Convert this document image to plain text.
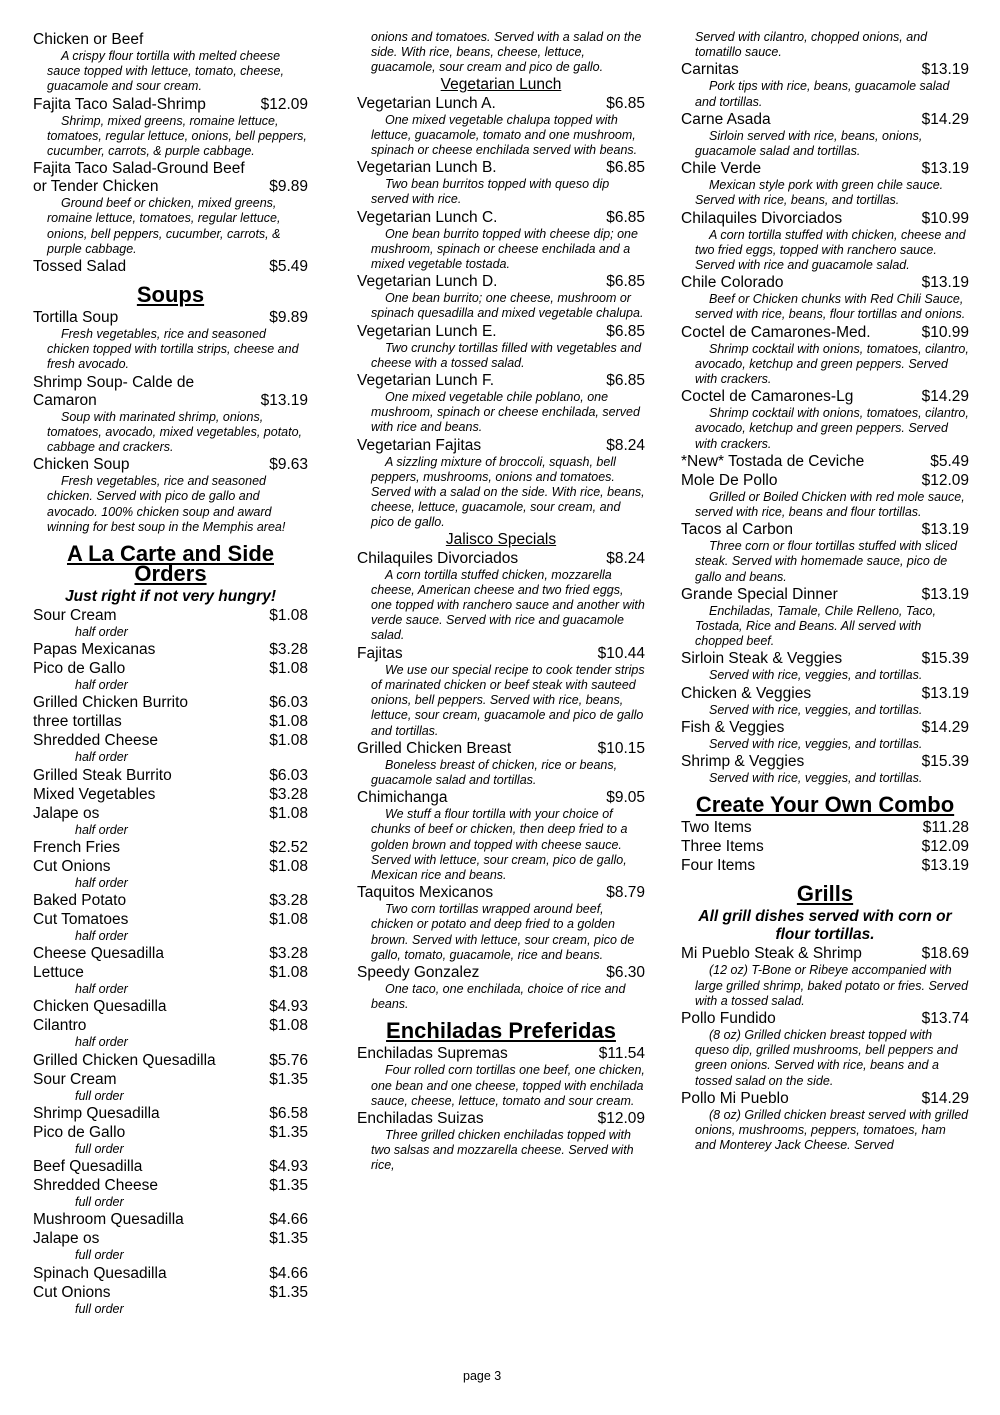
Chicken or Beef
A crispy flour tortilla with melted cheese sauce topped with lettuce, tomato, cheese, guacamole and sour cream.
Fajita Taco Salad-Shrimp	$12.09
Shrimp, mixed greens, romaine lettuce, tomatoes, regular lettuce, onions, bell peppers, cucumber, carrots, & purple cabbage.
Fajita Taco Salad-Ground Beef or Tender Chicken	$9.89
Ground beef or chicken, mixed greens, romaine lettuce, tomatoes, regular lettuce, onions, bell peppers, cucumber, carrots, & purple cabbage.
Tossed Salad	$5.49
Soups
Tortilla Soup	$9.89
Fresh vegetables, rice and seasoned chicken topped with tortilla strips, cheese and fresh avocado.
Shrimp Soup- Calde de Camaron	$13.19
Soup with marinated shrimp, onions, tomatoes, avocado, mixed vegetables, potato, cabbage and crackers.
Chicken Soup	$9.63
Fresh vegetables, rice and seasoned chicken. Served with pico de gallo and avocado. 100% chicken soup and award winning for best soup in the Memphis area!
A La Carte and Side Orders
Just right if not very hungry!
Sour Cream	$1.08
half order
Papas Mexicanas	$3.28
Pico de Gallo	$1.08
half order
Grilled Chicken Burrito	$6.03
three tortillas	$1.08
Shredded Cheese	$1.08
half order
Grilled Steak Burrito	$6.03
Mixed Vegetables	$3.28
Jalape os	$1.08
half order
French Fries	$2.52
Cut Onions	$1.08
half order
Baked Potato	$3.28
Cut Tomatoes	$1.08
half order
Cheese Quesadilla	$3.28
Lettuce	$1.08
half order
Chicken Quesadilla	$4.93
Cilantro	$1.08
half order
Grilled Chicken Quesadilla	$5.76
Sour Cream	$1.35
full order
Shrimp Quesadilla	$6.58
Pico de Gallo	$1.35
full order
Beef Quesadilla	$4.93
Shredded Cheese	$1.35
full order
Mushroom Quesadilla	$4.66
Jalape os	$1.35
full order
Spinach Quesadilla	$4.66
Cut Onions	$1.35
full order
onions and tomatoes. Served with a salad on the side. With rice, beans, cheese, lettuce, guacamole, sour cream and pico de gallo.
Vegetarian Lunch
Vegetarian Lunch A.	$6.85
One mixed vegetable chalupa topped with lettuce, guacamole, tomato and one mushroom, spinach or cheese enchilada served with beans.
Vegetarian Lunch B.	$6.85
Two bean burritos topped with queso dip served with rice.
Vegetarian Lunch C.	$6.85
One bean burrito topped with cheese dip; one mushroom, spinach or cheese enchilada and a mixed vegetable tostada.
Vegetarian Lunch D.	$6.85
One bean burrito; one cheese, mushroom or spinach quesadilla and mixed vegetable chalupa.
Vegetarian Lunch E.	$6.85
Two crunchy tortillas filled with vegetables and cheese with a tossed salad.
Vegetarian Lunch F.	$6.85
One mixed vegetable chile poblano, one mushroom, spinach or cheese enchilada, served with rice and beans.
Vegetarian Fajitas	$8.24
A sizzling mixture of broccoli, squash, bell peppers, mushrooms, onions and tomatoes. Served with a salad on the side. With rice, beans, cheese, lettuce, guacamole, sour cream, and pico de gallo.
Jalisco Specials
Chilaquiles Divorciados	$8.24
A corn tortilla stuffed chicken, mozzarella cheese, American cheese and two fried eggs, one topped with ranchero sauce and another with verde sauce. Served with rice and guacamole salad.
Fajitas	$10.44
We use our special recipe to cook tender strips of marinated chicken or beef steak with sauteed onions, bell peppers. Served with rice, beans, lettuce, sour cream, guacamole and pico de gallo and tortillas.
Grilled Chicken Breast	$10.15
Boneless breast of chicken, rice or beans, guacamole salad and tortillas.
Chimichanga	$9.05
We stuff a flour tortilla with your choice of chunks of beef or chicken, then deep fried to a golden brown and topped with cheese sauce. Served with lettuce, sour cream, pico de gallo, Mexican rice and beans.
Taquitos Mexicanos	$8.79
Two corn tortillas wrapped around beef, chicken or potato and deep fried to a golden brown. Served with lettuce, sour cream, pico de gallo, tomato, guacamole, rice and beans.
Speedy Gonzalez	$6.30
One taco, one enchilada, choice of rice and beans.
Enchiladas Preferidas
Enchiladas Supremas	$11.54
Four rolled corn tortillas one beef, one chicken, one bean and one cheese, topped with enchilada sauce, cheese, lettuce, tomato and sour cream.
Enchiladas Suizas	$12.09
Three grilled chicken enchiladas topped with two salsas and mozzarella cheese. Served with rice,
Served with cilantro, chopped onions, and tomatillo sauce.
Carnitas	$13.19
Pork tips with rice, beans, guacamole salad and tortillas.
Carne Asada	$14.29
Sirloin served with rice, beans, onions, guacamole salad and tortillas.
Chile Verde	$13.19
Mexican style pork with green chile sauce. Served with rice, beans, and tortillas.
Chilaquiles Divorciados	$10.99
A corn tortilla stuffed with chicken, cheese and two fried eggs, topped with ranchero sauce. Served with rice and guacamole salad.
Chile Colorado	$13.19
Beef or Chicken chunks with Red Chili Sauce, served with rice, beans, flour tortillas and onions.
Coctel de Camarones-Med.	$10.99
Shrimp cocktail with onions, tomatoes, cilantro, avocado, ketchup and green peppers. Served with crackers.
Coctel de Camarones-Lg	$14.29
Shrimp cocktail with onions, tomatoes, cilantro, avocado, ketchup and green peppers. Served with crackers.
*New* Tostada de Ceviche	$5.49
Mole De Pollo	$12.09
Grilled or Boiled Chicken with red mole sauce, served with rice, beans and flour tortillas.
Tacos al Carbon	$13.19
Three corn or flour tortillas stuffed with sliced steak. Served with homemade sauce, pico de gallo and beans.
Grande Special Dinner	$13.19
Enchiladas, Tamale, Chile Relleno, Taco, Tostada, Rice and Beans. All served with chopped beef.
Sirloin Steak & Veggies	$15.39
Served with rice, veggies, and tortillas.
Chicken & Veggies	$13.19
Served with rice, veggies, and tortillas.
Fish & Veggies	$14.29
Served with rice, veggies, and tortillas.
Shrimp & Veggies	$15.39
Served with rice, veggies, and tortillas.
Create Your Own Combo
Two Items	$11.28
Three Items	$12.09
Four Items	$13.19
Grills
All grill dishes served with corn or flour tortillas.
Mi Pueblo Steak & Shrimp	$18.69
(12 oz) T-Bone or Ribeye accompanied with large grilled shrimp, baked potato or fries. Served with a tossed salad.
Pollo Fundido	$13.74
(8 oz) Grilled chicken breast topped with queso dip, grilled mushrooms, bell peppers and green onions. Served with rice, beans and a tossed salad on the side.
Pollo Mi Pueblo	$14.29
(8 oz) Grilled chicken breast served with grilled onions, mushrooms, peppers, tomatoes, ham and Monterey Jack Cheese. Served
page 3
